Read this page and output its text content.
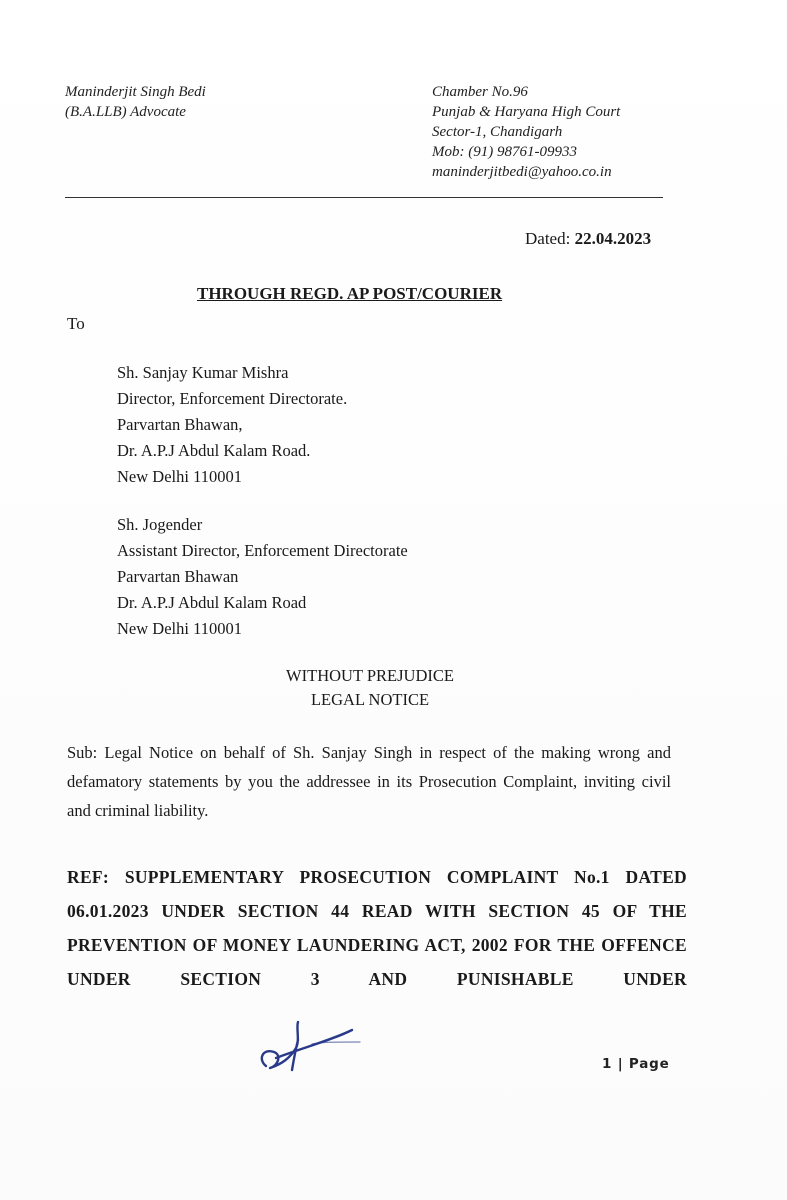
Maninderjit Singh Bedi
(B.A.LLB) Advocate
Chamber No.96
Punjab & Haryana High Court
Sector-1, Chandigarh
Mob: (91) 98761-09933
maninderjitbedi@yahoo.co.in
Dated: 22.04.2023
THROUGH REGD. AP POST/COURIER
To
Sh. Sanjay Kumar Mishra
Director, Enforcement Directorate.
Parvartan Bhawan,
Dr. A.P.J Abdul Kalam Road.
New Delhi 110001
Sh. Jogender
Assistant Director, Enforcement Directorate
Parvartan Bhawan
Dr. A.P.J Abdul Kalam Road
New Delhi 110001
WITHOUT PREJUDICE
LEGAL NOTICE
Sub: Legal Notice on behalf of Sh. Sanjay Singh in respect of the making wrong and defamatory statements by you the addressee in its Prosecution Complaint, inviting civil and criminal liability.
REF: SUPPLEMENTARY PROSECUTION COMPLAINT No.1 DATED 06.01.2023 UNDER SECTION 44 READ WITH SECTION 45 OF THE PREVENTION OF MONEY LAUNDERING ACT, 2002 FOR THE OFFENCE UNDER SECTION 3 AND PUNISHABLE UNDER
1 | Page
